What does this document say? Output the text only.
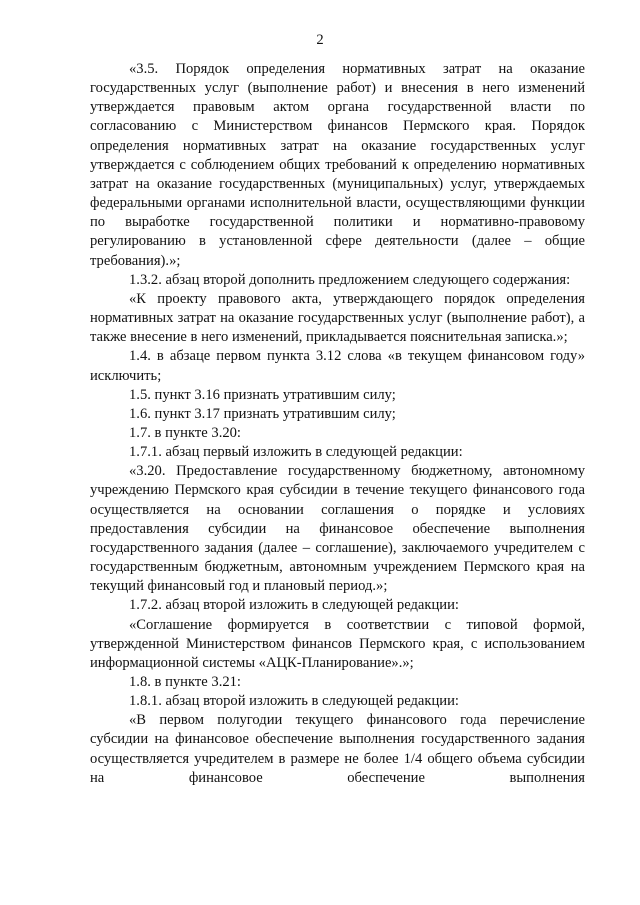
2

«3.5. Порядок определения нормативных затрат на оказание государственных услуг (выполнение работ) и внесения в него изменений утверждается правовым актом органа государственной власти по согласованию с Министерством финансов Пермского края. Порядок определения нормативных затрат на оказание государственных услуг утверждается с соблюдением общих требований к определению нормативных затрат на оказание государственных (муниципальных) услуг, утверждаемых федеральными органами исполнительной власти, осуществляющими функции по выработке государственной политики и нормативно-правовому регулированию в установленной сфере деятельности (далее – общие требования).»;

1.3.2. абзац второй дополнить предложением следующего содержания:

«К проекту правового акта, утверждающего порядок определения нормативных затрат на оказание государственных услуг (выполнение работ), а также внесение в него изменений, прикладывается пояснительная записка.»;

1.4. в абзаце первом пункта 3.12 слова «в текущем финансовом году» исключить;

1.5. пункт 3.16 признать утратившим силу;

1.6. пункт 3.17 признать утратившим силу;

1.7. в пункте 3.20:

1.7.1. абзац первый изложить в следующей редакции:

«3.20. Предоставление государственному бюджетному, автономному учреждению Пермского края субсидии в течение текущего финансового года осуществляется на основании соглашения о порядке и условиях предоставления субсидии на финансовое обеспечение выполнения государственного задания (далее – соглашение), заключаемого учредителем с государственным бюджетным, автономным учреждением Пермского края на текущий финансовый год и плановый период.»;

1.7.2. абзац второй изложить в следующей редакции:

«Соглашение формируется в соответствии с типовой формой, утвержденной Министерством финансов Пермского края, с использованием информационной системы «АЦК-Планирование».»;

1.8. в пункте 3.21:

1.8.1. абзац второй изложить в следующей редакции:

«В первом полугодии текущего финансового года перечисление субсидии на финансовое обеспечение выполнения государственного задания осуществляется учредителем в размере не более 1/4 общего объема субсидии на финансовое обеспечение выполнения
